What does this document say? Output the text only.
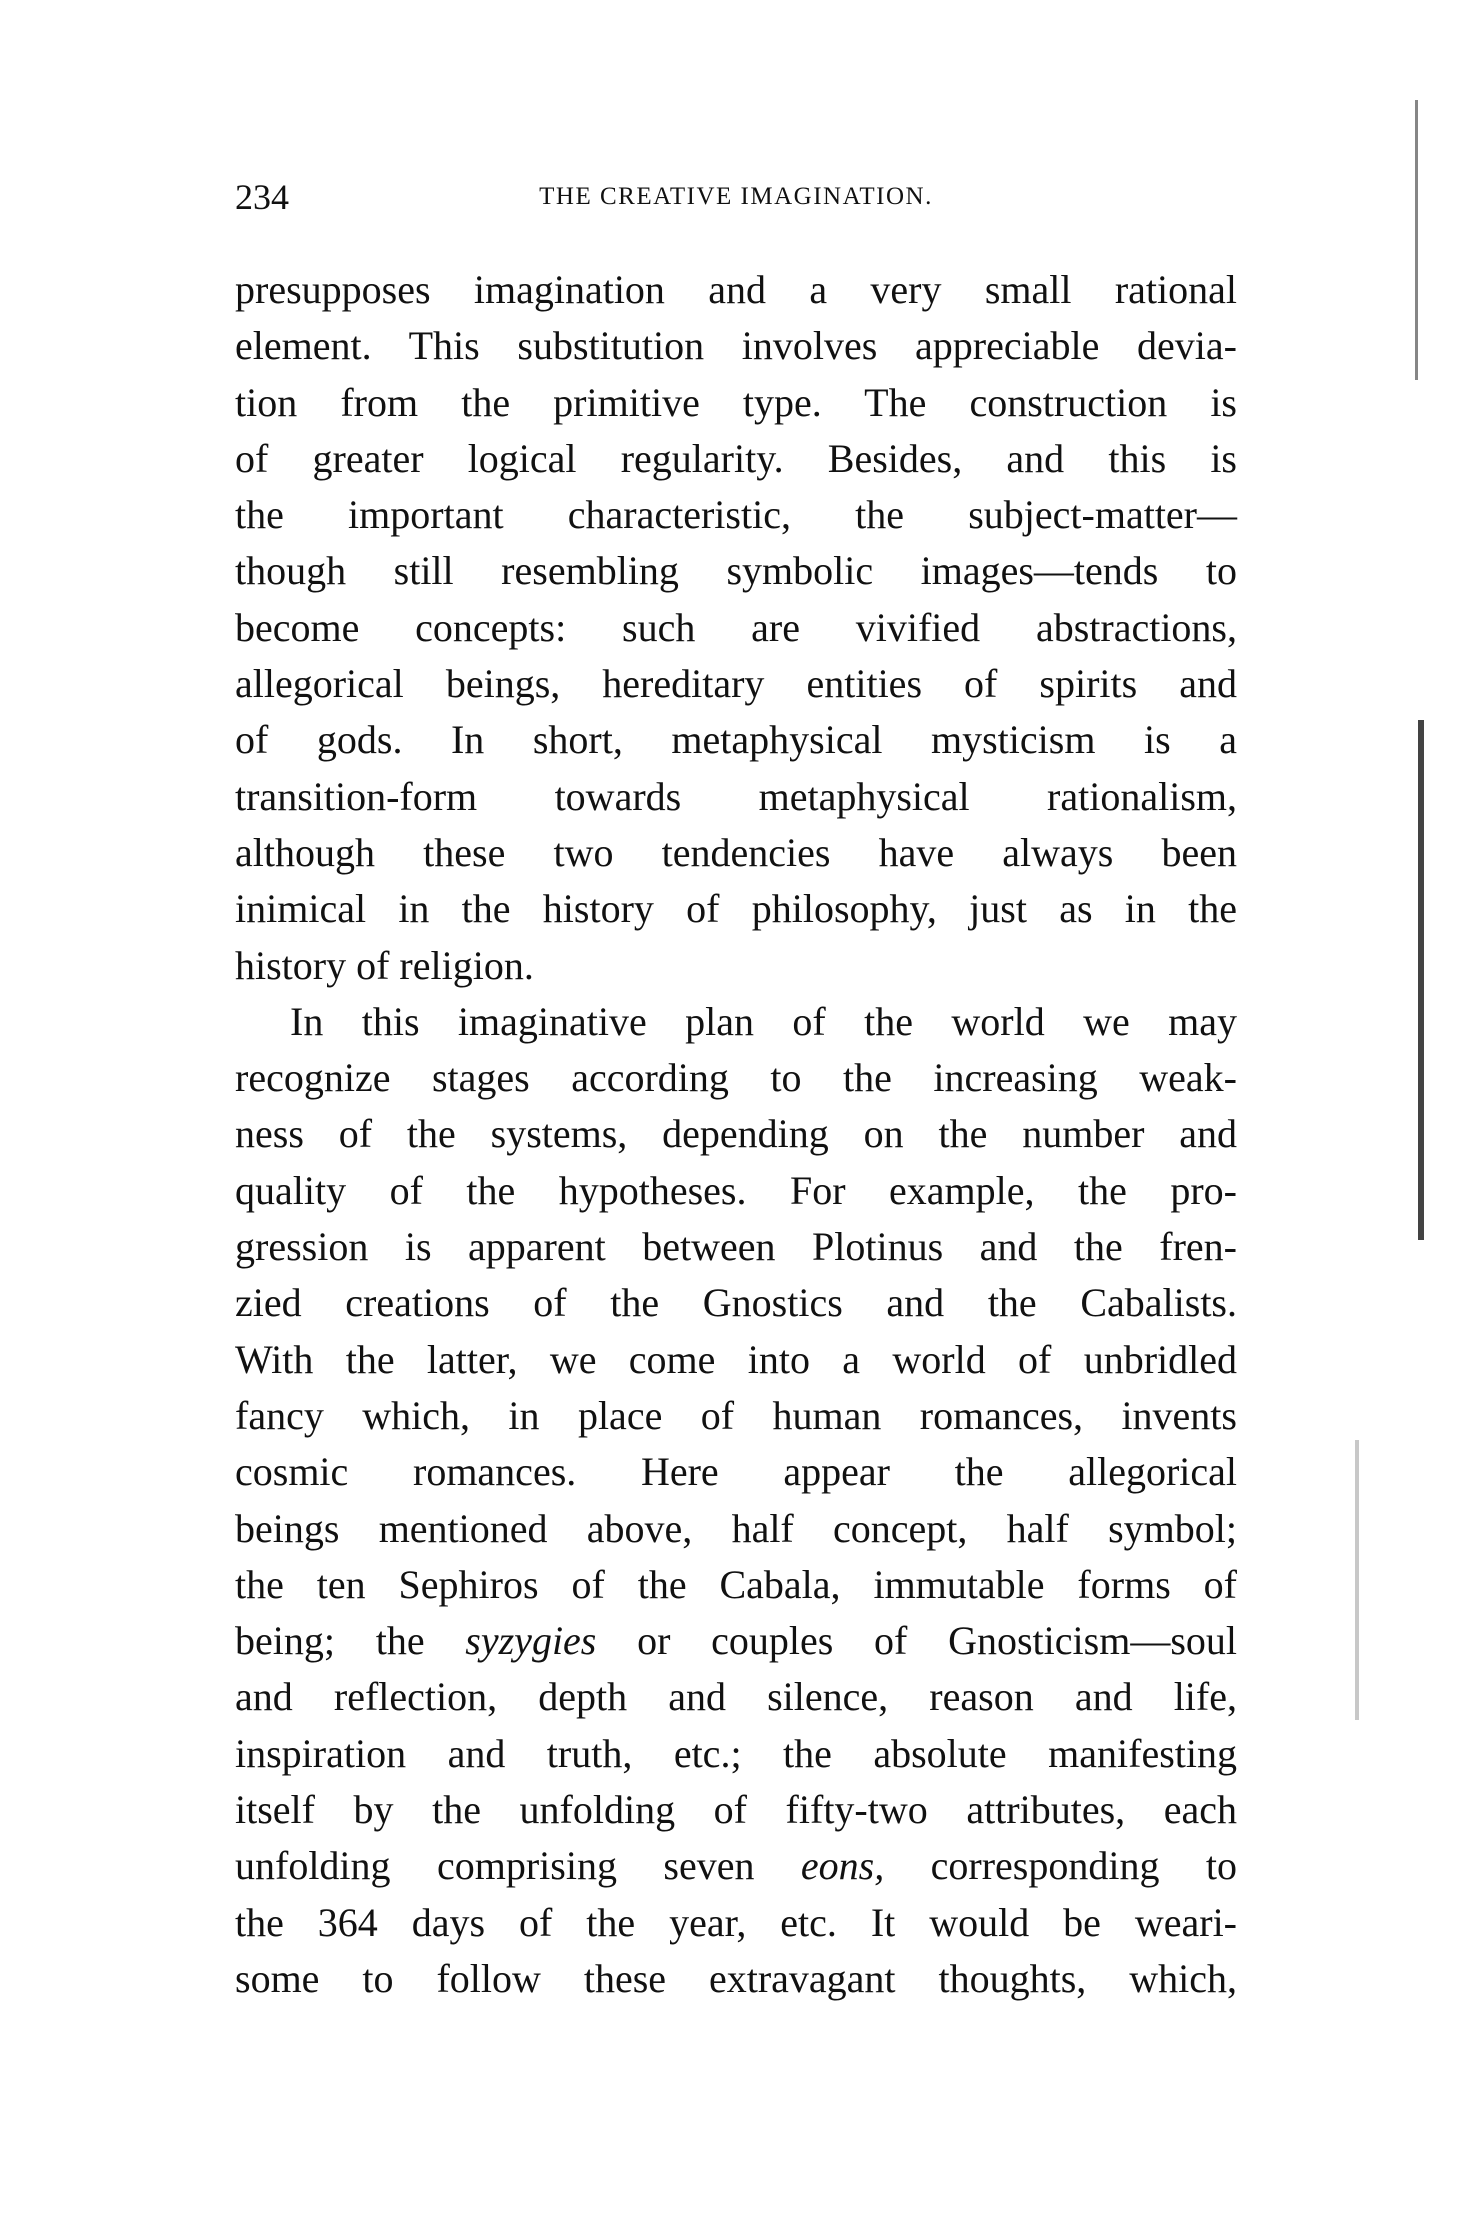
234	THE CREATIVE IMAGINATION.
presupposes imagination and a very small rational
element. This substitution involves appreciable devia-
tion from the primitive type. The construction is
of greater logical regularity. Besides, and this is
the important characteristic, the subject-matter—
though still resembling symbolic images—tends to
become concepts: such are vivified abstractions,
allegorical beings, hereditary entities of spirits and
of gods. In short, metaphysical mysticism is a
transition-form towards metaphysical rationalism,
although these two tendencies have always been
inimical in the history of philosophy, just as in the
history of religion.
In this imaginative plan of the world we may
recognize stages according to the increasing weak-
ness of the systems, depending on the number and
quality of the hypotheses. For example, the pro-
gression is apparent between Plotinus and the fren-
zied creations of the Gnostics and the Cabalists.
With the latter, we come into a world of unbridled
fancy which, in place of human romances, invents
cosmic romances. Here appear the allegorical
beings mentioned above, half concept, half symbol;
the ten Sephiros of the Cabala, immutable forms of
being; the syzygies or couples of Gnosticism—soul
and reflection, depth and silence, reason and life,
inspiration and truth, etc.; the absolute manifesting
itself by the unfolding of fifty-two attributes, each
unfolding comprising seven eons, corresponding to
the 364 days of the year, etc. It would be weari-
some to follow these extravagant thoughts, which,
